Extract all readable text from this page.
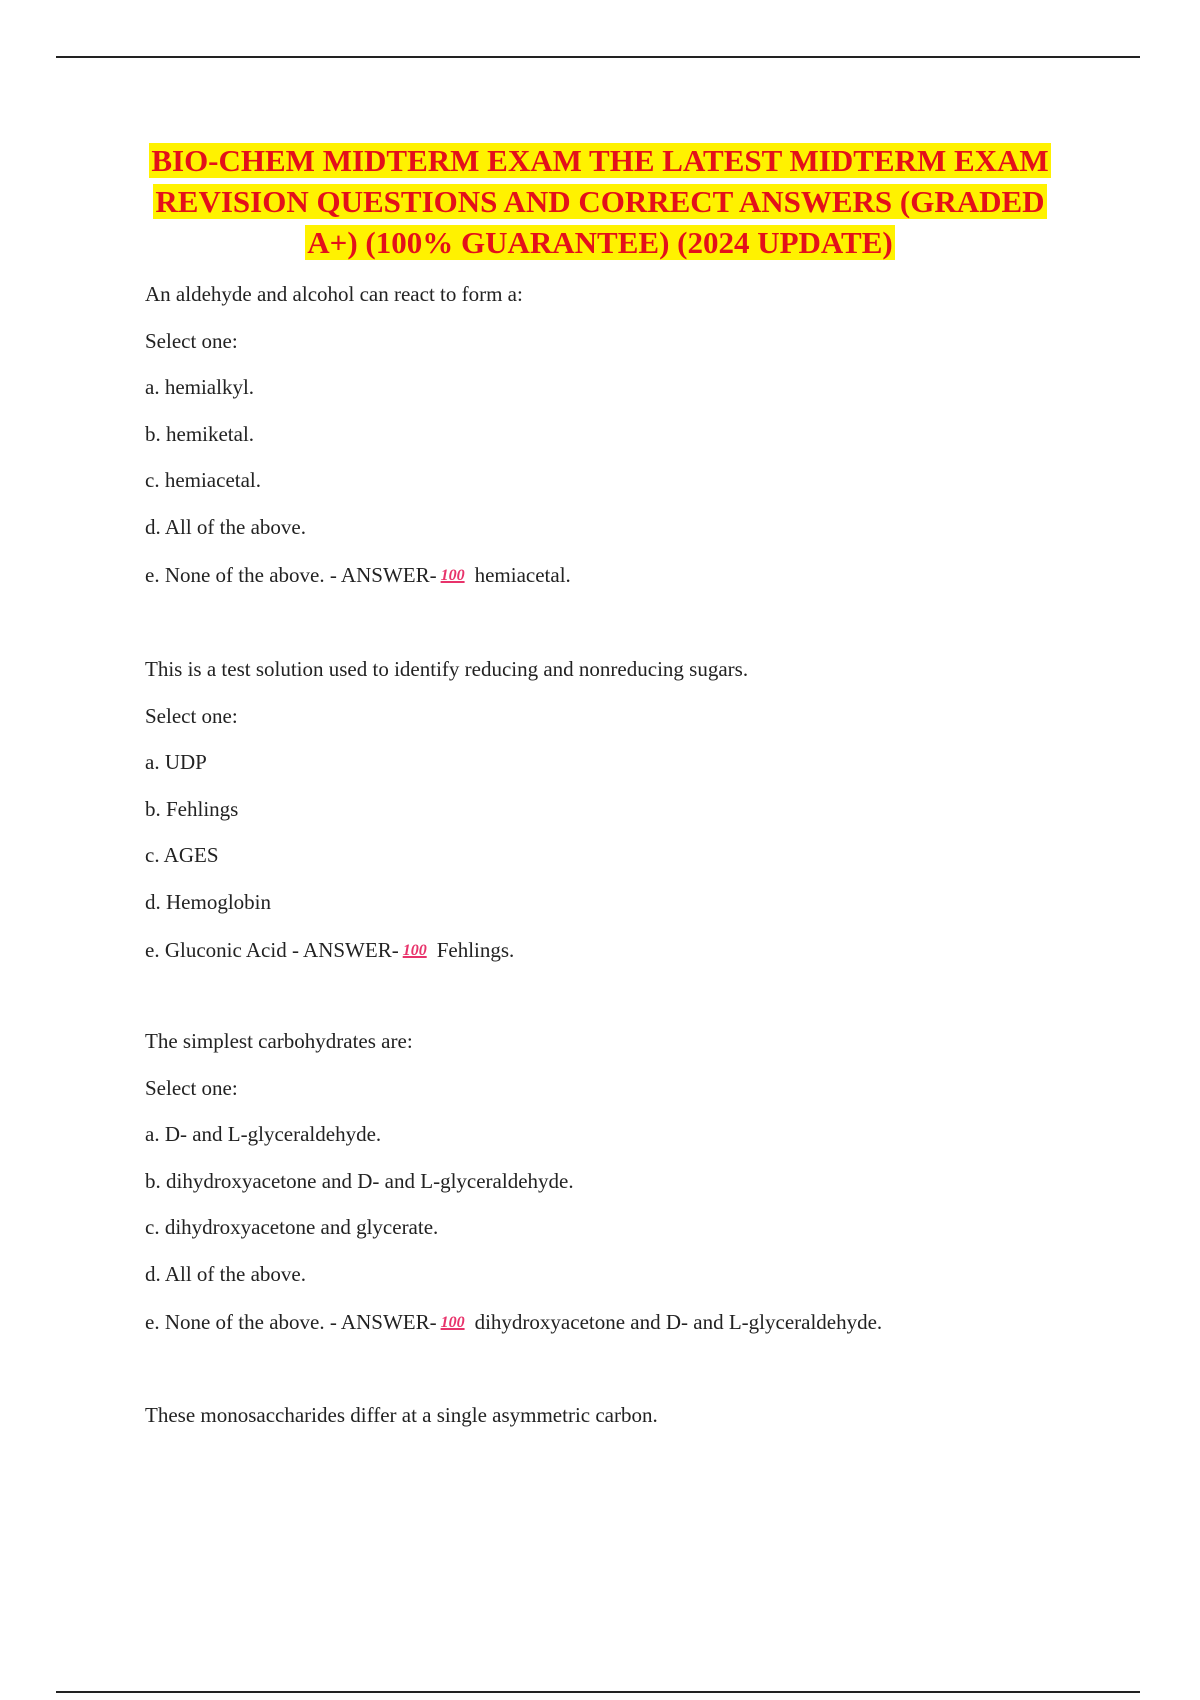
BIO-CHEM MIDTERM EXAM THE LATEST MIDTERM EXAM
REVISION QUESTIONS AND CORRECT ANSWERS (GRADED
A+) (100% GUARANTEE) (2024 UPDATE)
An aldehyde and alcohol can react to form a:
Select one:
a. hemialkyl.
b. hemiketal.
c. hemiacetal.
d. All of the above.
e. None of the above. - ANSWER- 100 hemiacetal.
This is a test solution used to identify reducing and nonreducing sugars.
Select one:
a. UDP
b. Fehlings
c. AGES
d. Hemoglobin
e. Gluconic Acid - ANSWER- 100 Fehlings.
The simplest carbohydrates are:
Select one:
a. D- and L-glyceraldehyde.
b. dihydroxyacetone and D- and L-glyceraldehyde.
c. dihydroxyacetone and glycerate.
d. All of the above.
e. None of the above. - ANSWER- 100 dihydroxyacetone and D- and L-glyceraldehyde.
These monosaccharides differ at a single asymmetric carbon.
